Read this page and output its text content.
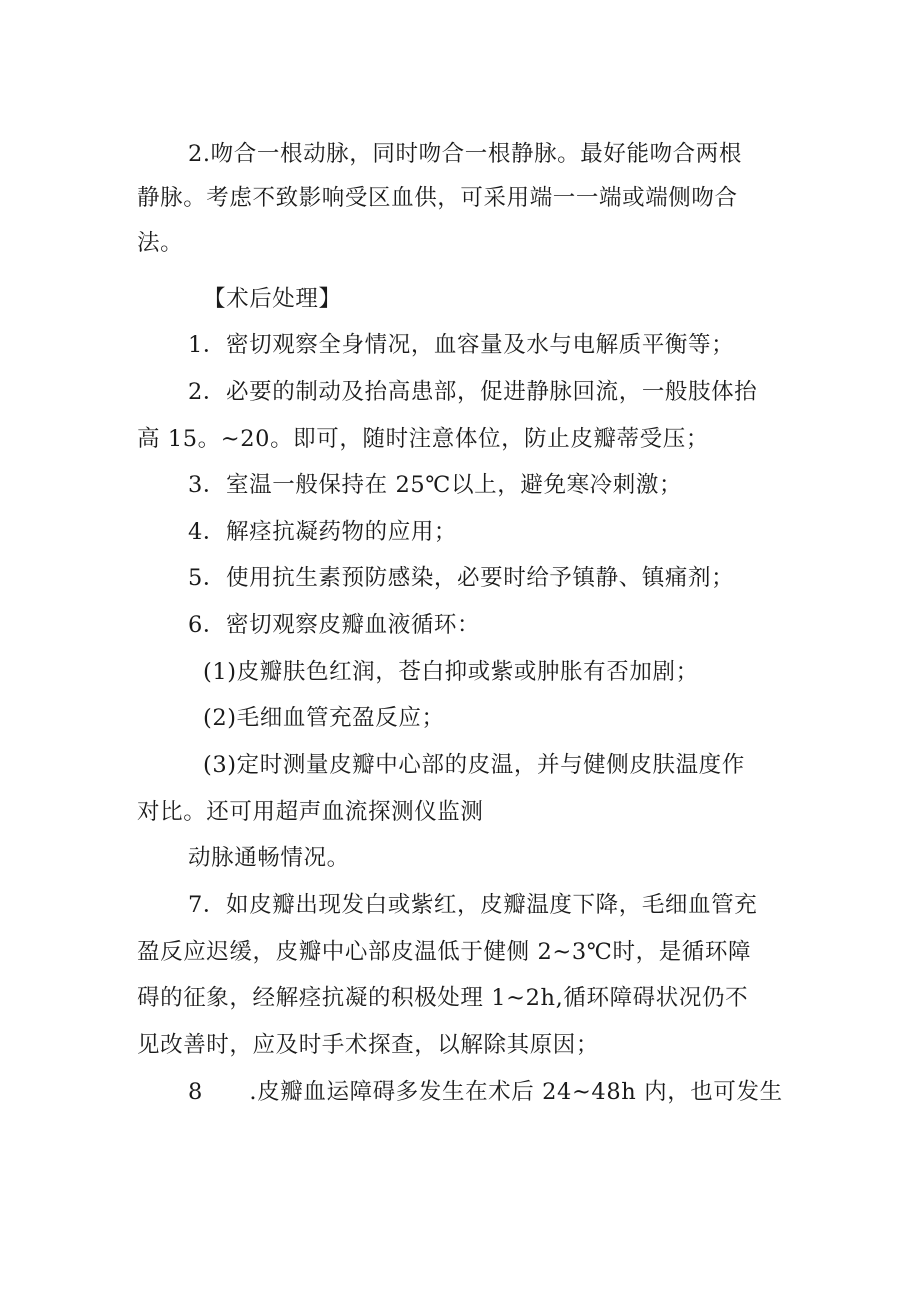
2.吻合一根动脉，同时吻合一根静脉。最好能吻合两根
静脉。考虑不致影响受区血供，可采用端一一端或端侧吻合
法。
【术后处理】
1．密切观察全身情况，血容量及水与电解质平衡等；
2．必要的制动及抬高患部，促进静脉回流，一般肢体抬
高 15。~20。即可，随时注意体位，防止皮瓣蒂受压；
3．室温一般保持在 25℃以上，避免寒冷刺激；
4．解痉抗凝药物的应用；
5．使用抗生素预防感染，必要时给予镇静、镇痛剂；
6．密切观察皮瓣血液循环：
(1)皮瓣肤色红润，苍白抑或紫或肿胀有否加剧；
(2)毛细血管充盈反应；
(3)定时测量皮瓣中心部的皮温，并与健侧皮肤温度作
对比。还可用超声血流探测仪监测
动脉通畅情况。
7．如皮瓣出现发白或紫红，皮瓣温度下降，毛细血管充
盈反应迟缓，皮瓣中心部皮温低于健侧 2~3℃时，是循环障
碍的征象，经解痉抗凝的积极处理 1~2h,循环障碍状况仍不
见改善时，应及时手术探查，以解除其原因；
8      .皮瓣血运障碍多发生在术后 24~48h 内，也可发生
